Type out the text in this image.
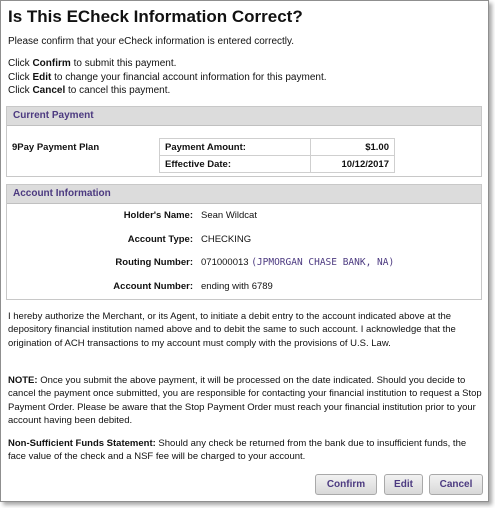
Is This ECheck Information Correct?
Please confirm that your eCheck information is entered correctly.
Click Confirm to submit this payment.
Click Edit to change your financial account information for this payment.
Click Cancel to cancel this payment.
Current Payment
9Pay Payment Plan	Payment Amount:	$1.00
Effective Date:	10/12/2017
Account Information
Holder's Name: Sean Wildcat
Account Type: CHECKING
Routing Number: 071000013 (JPMORGAN CHASE BANK, NA)
Account Number: ending with 6789
I hereby authorize the Merchant, or its Agent, to initiate a debit entry to the account indicated above at the depository financial institution named above and to debit the same to such account. I acknowledge that the origination of ACH transactions to my account must comply with the provisions of U.S. Law.
NOTE: Once you submit the above payment, it will be processed on the date indicated. Should you decide to cancel the payment once submitted, you are responsible for contacting your financial institution to request a Stop Payment Order. Please be aware that the Stop Payment Order must reach your financial institution prior to your account having been debited.
Non-Sufficient Funds Statement: Should any check be returned from the bank due to insufficient funds, the face value of the check and a NSF fee will be charged to your account.
Confirm	Edit	Cancel
